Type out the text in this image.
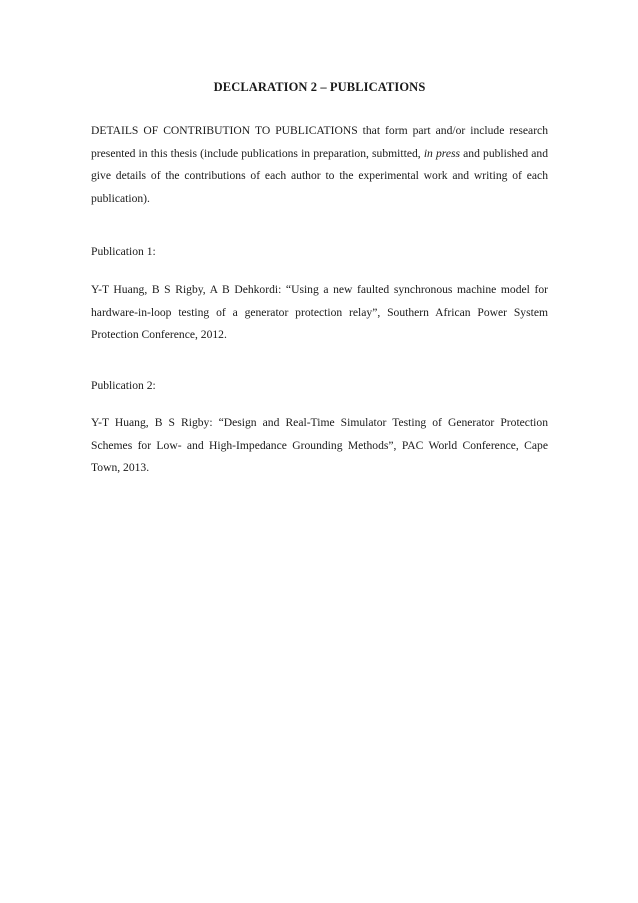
DECLARATION 2 – PUBLICATIONS

DETAILS OF CONTRIBUTION TO PUBLICATIONS that form part and/or include research presented in this thesis (include publications in preparation, submitted, in press and published and give details of the contributions of each author to the experimental work and writing of each publication).

Publication 1:

Y-T Huang, B S Rigby, A B Dehkordi: “Using a new faulted synchronous machine model for hardware-in-loop testing of a generator protection relay”, Southern African Power System Protection Conference, 2012.

Publication 2:

Y-T Huang, B S Rigby: “Design and Real-Time Simulator Testing of Generator Protection Schemes for Low- and High-Impedance Grounding Methods”, PAC World Conference, Cape Town, 2013.
